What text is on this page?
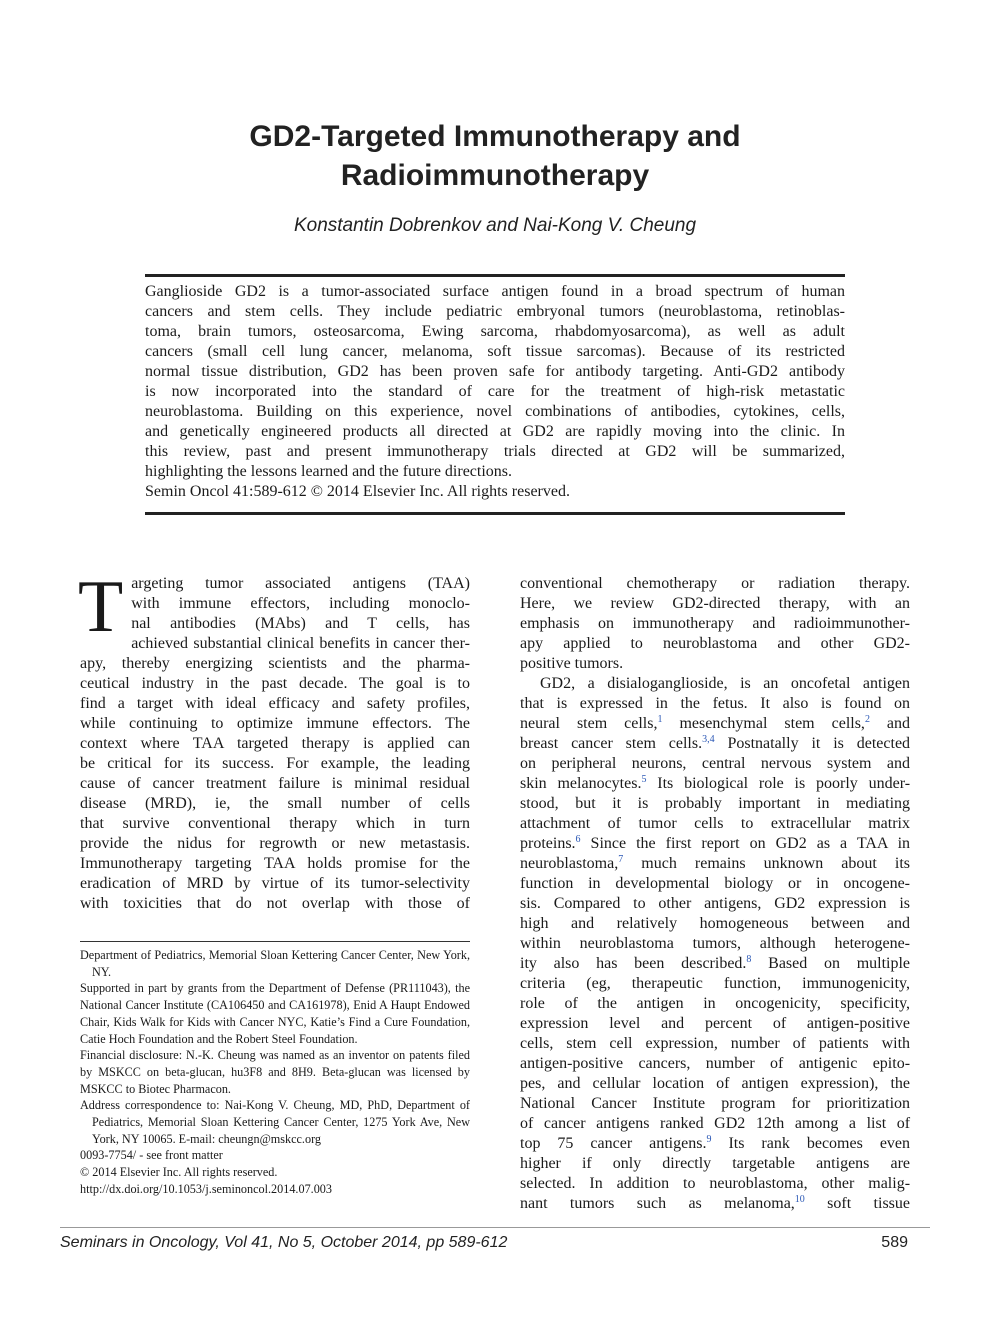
GD2-Targeted Immunotherapy and
Radioimmunotherapy
Konstantin Dobrenkov and Nai-Kong V. Cheung

Ganglioside GD2 is a tumor-associated surface antigen found in a broad spectrum of human

cancers and stem cells. They include pediatric embryonal tumors (neuroblastoma, retinoblas-

toma, brain tumors, osteosarcoma, Ewing sarcoma, rhabdomyosarcoma), as well as adult

cancers (small cell lung cancer, melanoma, soft tissue sarcomas). Because of its restricted

normal tissue distribution, GD2 has been proven safe for antibody targeting. Anti-GD2 antibody

is now incorporated into the standard of care for the treatment of high-risk metastatic

neuroblastoma. Building on this experience, novel combinations of antibodies, cytokines, cells,

and genetically engineered products all directed at GD2 are rapidly moving into the clinic. In

this review, past and present immunotherapy trials directed at GD2 will be summarized,

highlighting the lessons learned and the future directions.

Semin Oncol 41:589-612 © 2014 Elsevier Inc. All rights reserved.

T argeting tumor associated antigens (TAA)

with immune effectors, including monoclo-

nal antibodies (MAbs) and T cells, has

achieved substantial clinical benefits in cancer ther-

apy, thereby energizing scientists and the pharma-

ceutical industry in the past decade. The goal is to

find a target with ideal efficacy and safety profiles,

while continuing to optimize immune effectors. The

context where TAA targeted therapy is applied can

be critical for its success. For example, the leading

cause of cancer treatment failure is minimal residual

disease (MRD), ie, the small number of cells

that survive conventional therapy which in turn

provide the nidus for regrowth or new metastasis.

Immunotherapy targeting TAA holds promise for the

eradication of MRD by virtue of its tumor-selectivity

with toxicities that do not overlap with those of

Department of Pediatrics, Memorial Sloan Kettering Cancer Center, New York, NY.

Supported in part by grants from the Department of Defense (PR111043), the National Cancer Institute (CA106450 and CA161978), Enid A Haupt Endowed Chair, Kids Walk for Kids with Cancer NYC, Katie’s Find a Cure Foundation, Catie Hoch Foundation and the Robert Steel Foundation.

Financial disclosure: N.-K. Cheung was named as an inventor on patents filed by MSKCC on beta-glucan, hu3F8 and 8H9. Beta-glucan was licensed by MSKCC to Biotec Pharmacon.

Address correspondence to: Nai-Kong V. Cheung, MD, PhD, Department of Pediatrics, Memorial Sloan Kettering Cancer Center, 1275 York Ave, New York, NY 10065. E-mail: cheungn@mskcc.org

0093-7754/ - see front matter

© 2014 Elsevier Inc. All rights reserved.

http://dx.doi.org/10.1053/j.seminoncol.2014.07.003

conventional chemotherapy or radiation therapy.

Here, we review GD2-directed therapy, with an

emphasis on immunotherapy and radioimmunother-

apy applied to neuroblastoma and other GD2-

positive tumors.

GD2, a disialoganglioside, is an oncofetal antigen

that is expressed in the fetus. It also is found on

neural stem cells,$^1$ mesenchymal stem cells,$^2$ and

breast cancer stem cells.$^{3,4}$ Postnatally it is detected

on peripheral neurons, central nervous system and

skin melanocytes.$^5$ Its biological role is poorly under-

stood, but it is probably important in mediating

attachment of tumor cells to extracellular matrix

proteins.$^6$ Since the first report on GD2 as a TAA in

neuroblastoma,$^7$ much remains unknown about its

function in developmental biology or in oncogene-

sis. Compared to other antigens, GD2 expression is

high and relatively homogeneous between and

within neuroblastoma tumors, although heterogene-

ity also has been described.$^8$ Based on multiple

criteria (eg, therapeutic function, immunogenicity,

role of the antigen in oncogenicity, specificity,

expression level and percent of antigen-positive

cells, stem cell expression, number of patients with

antigen-positive cancers, number of antigenic epito-

pes, and cellular location of antigen expression), the

National Cancer Institute program for prioritization

of cancer antigens ranked GD2 12th among a list of

top 75 cancer antigens.$^9$ Its rank becomes even

higher if only directly targetable antigens are

selected. In addition to neuroblastoma, other malig-

nant tumors such as melanoma,$^{10}$ soft tissue

Seminars in Oncology, Vol 41, No 5, October 2014, pp 589-612	589
